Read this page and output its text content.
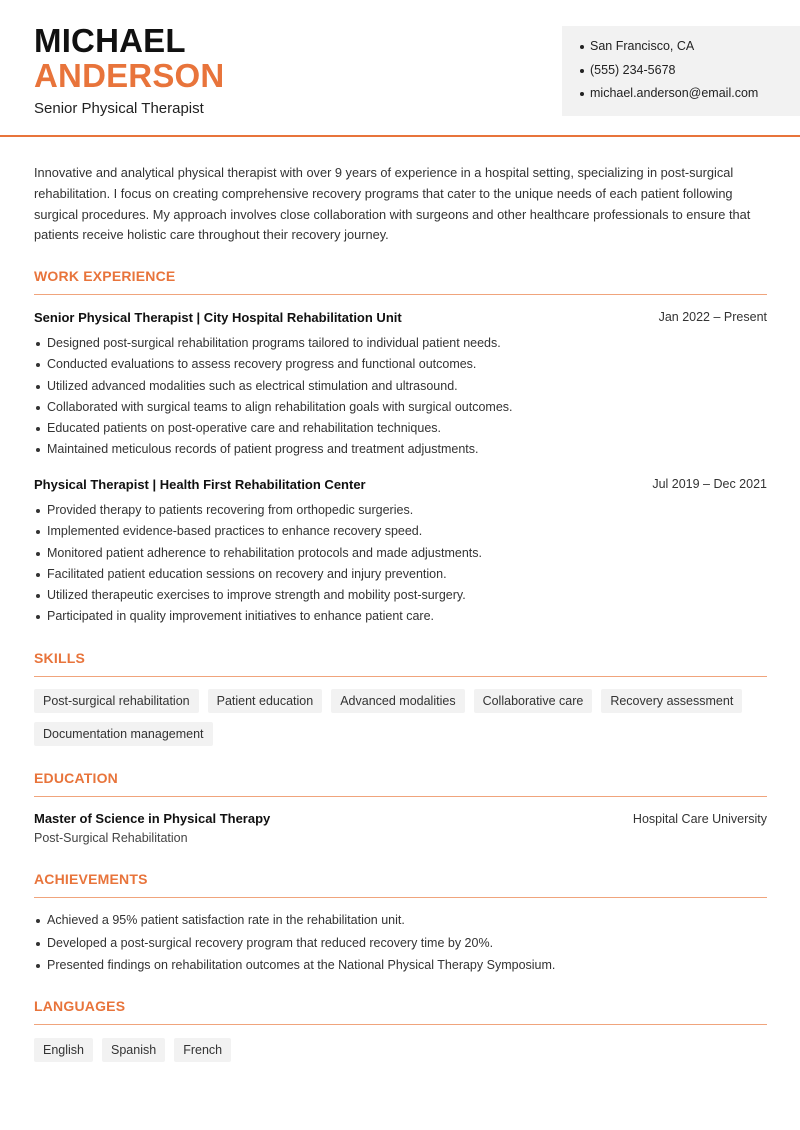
MICHAEL
ANDERSON
Senior Physical Therapist
San Francisco, CA
(555) 234-5678
michael.anderson@email.com

Innovative and analytical physical therapist with over 9 years of experience in a hospital setting, specializing in post-surgical rehabilitation. I focus on creating comprehensive recovery programs that cater to the unique needs of each patient following surgical procedures. My approach involves close collaboration with surgeons and other healthcare professionals to ensure that patients receive holistic care throughout their recovery journey.

WORK EXPERIENCE
Senior Physical Therapist | City Hospital Rehabilitation Unit	Jan 2022 – Present
Designed post-surgical rehabilitation programs tailored to individual patient needs.
Conducted evaluations to assess recovery progress and functional outcomes.
Utilized advanced modalities such as electrical stimulation and ultrasound.
Collaborated with surgical teams to align rehabilitation goals with surgical outcomes.
Educated patients on post-operative care and rehabilitation techniques.
Maintained meticulous records of patient progress and treatment adjustments.
Physical Therapist | Health First Rehabilitation Center	Jul 2019 – Dec 2021
Provided therapy to patients recovering from orthopedic surgeries.
Implemented evidence-based practices to enhance recovery speed.
Monitored patient adherence to rehabilitation protocols and made adjustments.
Facilitated patient education sessions on recovery and injury prevention.
Utilized therapeutic exercises to improve strength and mobility post-surgery.
Participated in quality improvement initiatives to enhance patient care.
SKILLS
Post-surgical rehabilitation	Patient education	Advanced modalities	Collaborative care	Recovery assessment
Documentation management
EDUCATION
Master of Science in Physical Therapy	Hospital Care University
Post-Surgical Rehabilitation
ACHIEVEMENTS
Achieved a 95% patient satisfaction rate in the rehabilitation unit.
Developed a post-surgical recovery program that reduced recovery time by 20%.
Presented findings on rehabilitation outcomes at the National Physical Therapy Symposium.
LANGUAGES
English	Spanish	French
